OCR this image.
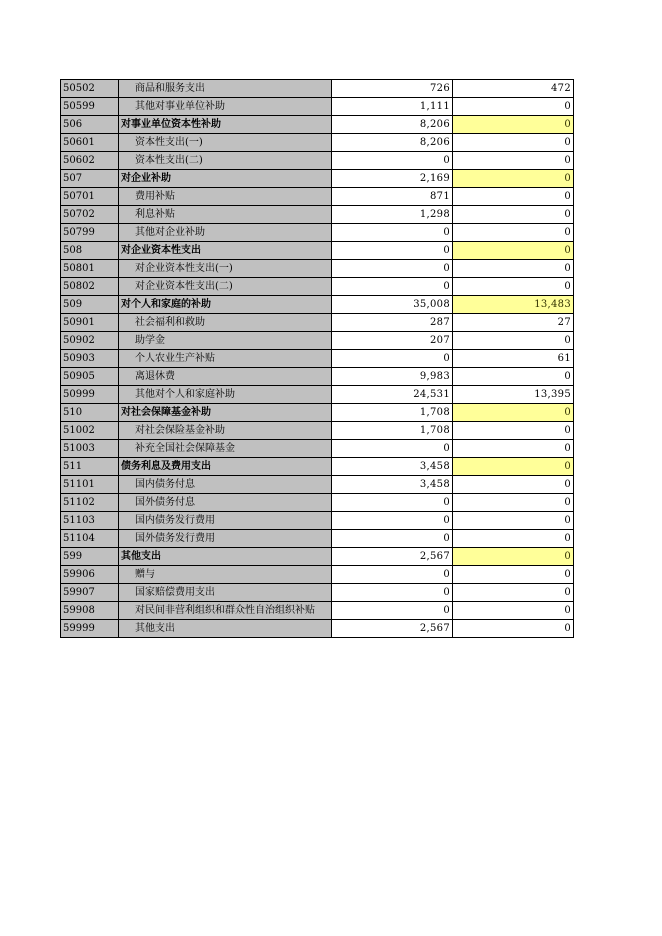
50502	商品和服务支出	726	472
50599	其他对事业单位补助	1,111	0
506	对事业单位资本性补助	8,206	0
50601	资本性支出(一)	8,206	0
50602	资本性支出(二)	0	0
507	对企业补助	2,169	0
50701	费用补贴	871	0
50702	利息补贴	1,298	0
50799	其他对企业补助	0	0
508	对企业资本性支出	0	0
50801	对企业资本性支出(一)	0	0
50802	对企业资本性支出(二)	0	0
509	对个人和家庭的补助	35,008	13,483
50901	社会福利和救助	287	27
50902	助学金	207	0
50903	个人农业生产补贴	0	61
50905	离退休费	9,983	0
50999	其他对个人和家庭补助	24,531	13,395
510	对社会保障基金补助	1,708	0
51002	对社会保险基金补助	1,708	0
51003	补充全国社会保障基金	0	0
511	债务利息及费用支出	3,458	0
51101	国内债务付息	3,458	0
51102	国外债务付息	0	0
51103	国内债务发行费用	0	0
51104	国外债务发行费用	0	0
599	其他支出	2,567	0
59906	赠与	0	0
59907	国家赔偿费用支出	0	0
59908	对民间非营利组织和群众性自治组织补贴	0	0
59999	其他支出	2,567	0
